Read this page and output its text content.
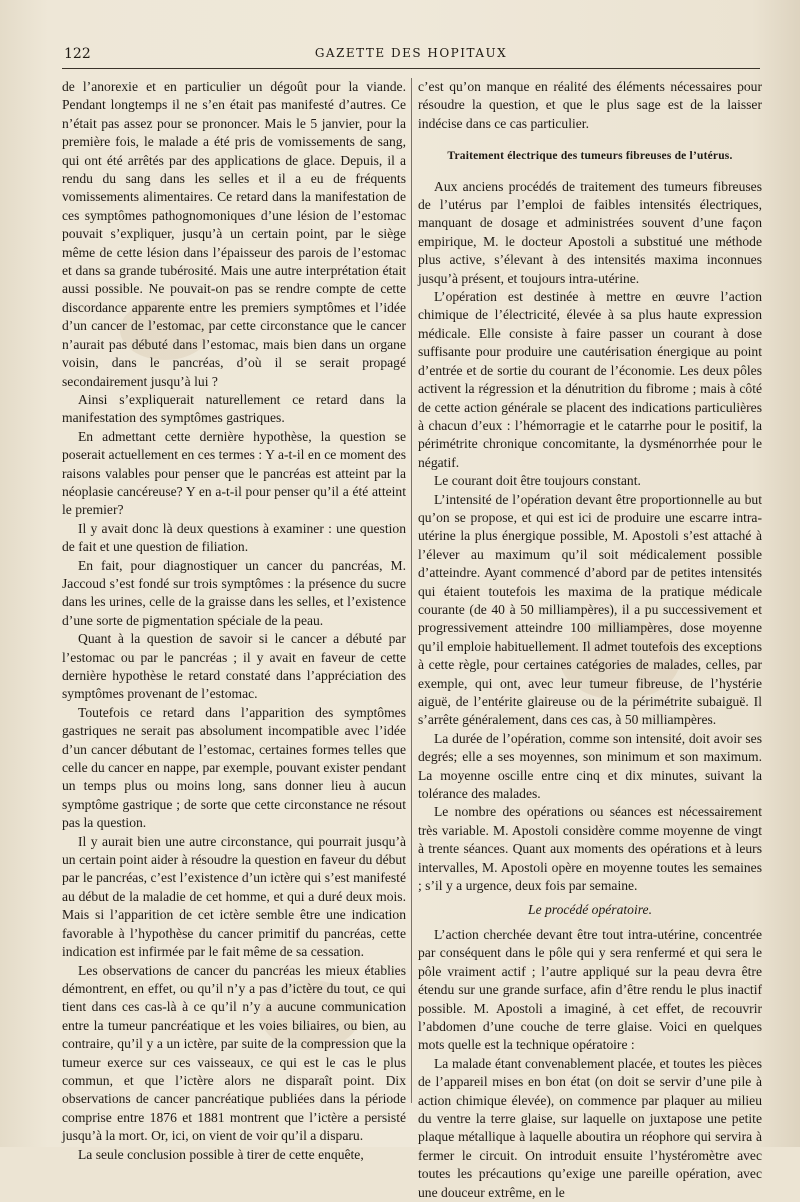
122	GAZETTE DES HOPITAUX

de l’anorexie et en particulier un dégoût pour la viande. Pendant longtemps il ne s’en était pas manifesté d’autres. Ce n’était pas assez pour se prononcer. Mais le 5 janvier, pour la première fois, le malade a été pris de vomissements de sang, qui ont été arrêtés par des applications de glace. Depuis, il a rendu du sang dans les selles et il a eu de fréquents vomissements alimentaires. Ce retard dans la manifestation de ces symptômes pathognomoniques d’une lésion de l’estomac pouvait s’expliquer, jusqu’à un certain point, par le siège même de cette lésion dans l’épaisseur des parois de l’estomac et dans sa grande tubérosité. Mais une autre interprétation était aussi possible. Ne pouvait-on pas se rendre compte de cette discordance apparente entre les premiers symptômes et l’idée d’un cancer de l’estomac, par cette circonstance que le cancer n’aurait pas débuté dans l’estomac, mais bien dans un organe voisin, dans le pancréas, d’où il se serait propagé secondairement jusqu’à lui ?

Ainsi s’expliquerait naturellement ce retard dans la manifestation des symptômes gastriques.

En admettant cette dernière hypothèse, la question se poserait actuellement en ces termes : Y a-t-il en ce moment des raisons valables pour penser que le pancréas est atteint par la néoplasie cancéreuse? Y en a-t-il pour penser qu’il a été atteint le premier?

Il y avait donc là deux questions à examiner : une question de fait et une question de filiation.

En fait, pour diagnostiquer un cancer du pancréas, M. Jaccoud s’est fondé sur trois symptômes : la présence du sucre dans les urines, celle de la graisse dans les selles, et l’existence d’une sorte de pigmentation spéciale de la peau.

Quant à la question de savoir si le cancer a débuté par l’estomac ou par le pancréas ; il y avait en faveur de cette dernière hypothèse le retard constaté dans l’appréciation des symptômes provenant de l’estomac.

Toutefois ce retard dans l’apparition des symptômes gastriques ne serait pas absolument incompatible avec l’idée d’un cancer débutant de l’estomac, certaines formes telles que celle du cancer en nappe, par exemple, pouvant exister pendant un temps plus ou moins long, sans donner lieu à aucun symptôme gastrique ; de sorte que cette circonstance ne résout pas la question.

Il y aurait bien une autre circonstance, qui pourrait jusqu’à un certain point aider à résoudre la question en faveur du début par le pancréas, c’est l’existence d’un ictère qui s’est manifesté au début de la maladie de cet homme, et qui a duré deux mois. Mais si l’apparition de cet ictère semble être une indication favorable à l’hypothèse du cancer primitif du pancréas, cette indication est infirmée par le fait même de sa cessation.

Les observations de cancer du pancréas les mieux établies démontrent, en effet, ou qu’il n’y a pas d’ictère du tout, ce qui tient dans ces cas-là à ce qu’il n’y a aucune communication entre la tumeur pancréatique et les voies biliaires, ou bien, au contraire, qu’il y a un ictère, par suite de la compression que la tumeur exerce sur ces vaisseaux, ce qui est le cas le plus commun, et que l’ictère alors ne disparaît point. Dix observations de cancer pancréatique publiées dans la période comprise entre 1876 et 1881 montrent que l’ictère a persisté jusqu’à la mort. Or, ici, on vient de voir qu’il a disparu.

La seule conclusion possible à tirer de cette enquête,

c’est qu’on manque en réalité des éléments nécessaires pour résoudre la question, et que le plus sage est de la laisser indécise dans ce cas particulier.

Traitement électrique des tumeurs fibreuses de l’utérus.

Aux anciens procédés de traitement des tumeurs fibreuses de l’utérus par l’emploi de faibles intensités électriques, manquant de dosage et administrées souvent d’une façon empirique, M. le docteur Apostoli a substitué une méthode plus active, s’élevant à des intensités maxima inconnues jusqu’à présent, et toujours intra-utérine.

L’opération est destinée à mettre en œuvre l’action chimique de l’électricité, élevée à sa plus haute expression médicale. Elle consiste à faire passer un courant à dose suffisante pour produire une cautérisation énergique au point d’entrée et de sortie du courant de l’économie. Les deux pôles activent la régression et la dénutrition du fibrome ; mais à côté de cette action générale se placent des indications particulières à chacun d’eux : l’hémorragie et le catarrhe pour le positif, la périmétrite chronique concomitante, la dysménorrhée pour le négatif.

Le courant doit être toujours constant.

L’intensité de l’opération devant être proportionnelle au but qu’on se propose, et qui est ici de produire une escarre intra-utérine la plus énergique possible, M. Apostoli s’est attaché à l’élever au maximum qu’il soit médicalement possible d’atteindre. Ayant commencé d’abord par de petites intensités qui étaient toutefois les maxima de la pratique médicale courante (de 40 à 50 milliampères), il a pu successivement et progressivement atteindre 100 milliampères, dose moyenne qu’il emploie habituellement. Il admet toutefois des exceptions à cette règle, pour certaines catégories de malades, celles, par exemple, qui ont, avec leur tumeur fibreuse, de l’hystérie aiguë, de l’entérite glaireuse ou de la périmétrite subaiguë. Il s’arrête généralement, dans ces cas, à 50 milliampères.

La durée de l’opération, comme son intensité, doit avoir ses degrés; elle a ses moyennes, son minimum et son maximum. La moyenne oscille entre cinq et dix minutes, suivant la tolérance des malades.

Le nombre des opérations ou séances est nécessairement très variable. M. Apostoli considère comme moyenne de vingt à trente séances. Quant aux moments des opérations et à leurs intervalles, M. Apostoli opère en moyenne toutes les semaines ; s’il y a urgence, deux fois par semaine.

Le procédé opératoire.

L’action cherchée devant être tout intra-utérine, concentrée par conséquent dans le pôle qui y sera renfermé et qui sera le pôle vraiment actif ; l’autre appliqué sur la peau devra être étendu sur une grande surface, afin d’être rendu le plus inactif possible. M. Apostoli a imaginé, à cet effet, de recouvrir l’abdomen d’une couche de terre glaise. Voici en quelques mots quelle est la technique opératoire :

La malade étant convenablement placée, et toutes les pièces de l’appareil mises en bon état (on doit se servir d’une pile à action chimique élevée), on commence par plaquer au milieu du ventre la terre glaise, sur laquelle on juxtapose une petite plaque métallique à laquelle aboutira un réophore qui servira à fermer le circuit. On introduit ensuite l’hystéromètre avec toutes les précautions qu’exige une pareille opération, avec une douceur extrême, en le
